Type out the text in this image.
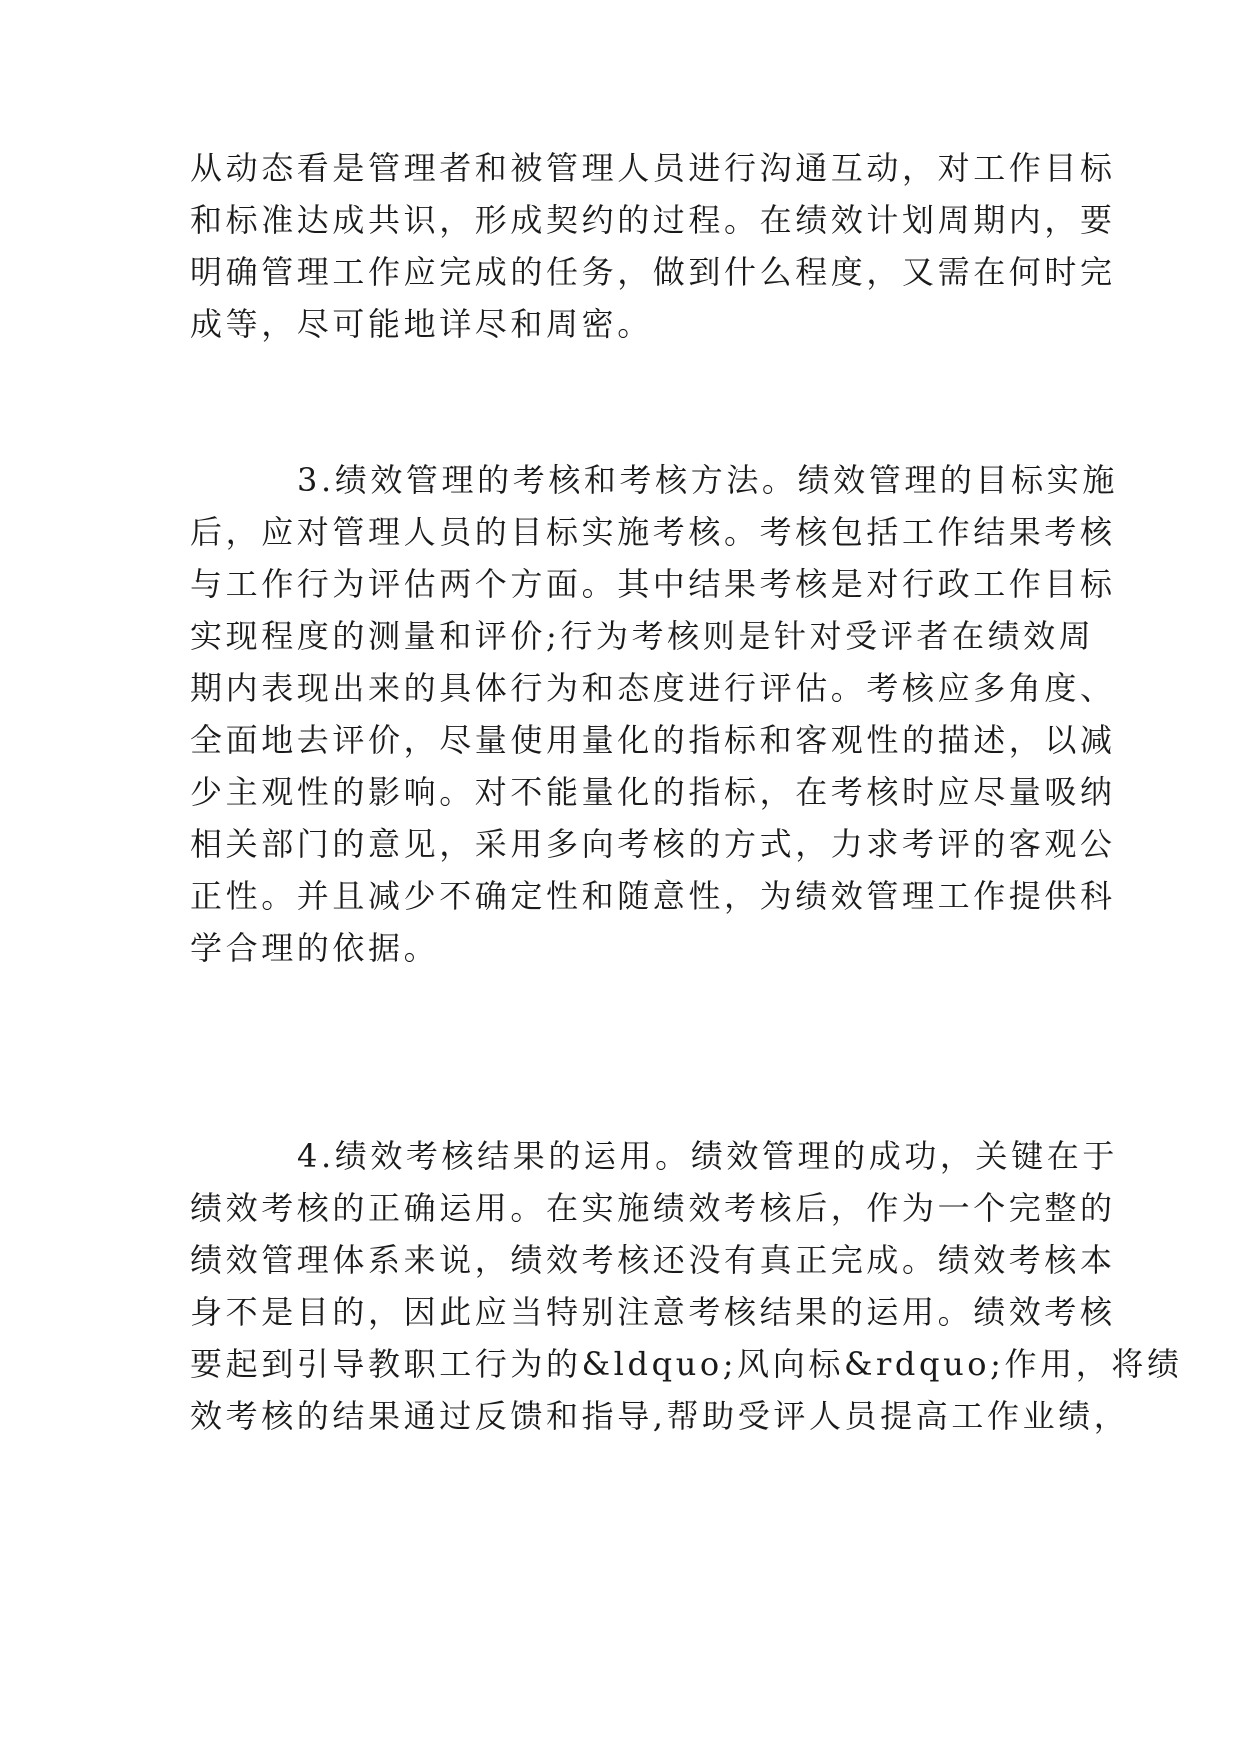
从动态看是管理者和被管理人员进行沟通互动，对工作目标
和标准达成共识，形成契约的过程。在绩效计划周期内，要
明确管理工作应完成的任务，做到什么程度，又需在何时完
成等，尽可能地详尽和周密。
3.绩效管理的考核和考核方法。绩效管理的目标实施
后，应对管理人员的目标实施考核。考核包括工作结果考核
与工作行为评估两个方面。其中结果考核是对行政工作目标
实现程度的测量和评价;行为考核则是针对受评者在绩效周
期内表现出来的具体行为和态度进行评估。考核应多角度、
全面地去评价，尽量使用量化的指标和客观性的描述，以减
少主观性的影响。对不能量化的指标，在考核时应尽量吸纳
相关部门的意见，采用多向考核的方式，力求考评的客观公
正性。并且减少不确定性和随意性，为绩效管理工作提供科
学合理的依据。
4.绩效考核结果的运用。绩效管理的成功，关键在于
绩效考核的正确运用。在实施绩效考核后，作为一个完整的
绩效管理体系来说，绩效考核还没有真正完成。绩效考核本
身不是目的，因此应当特别注意考核结果的运用。绩效考核
要起到引导教职工行为的&ldquo;风向标&rdquo;作用，将绩
效考核的结果通过反馈和指导,帮助受评人员提高工作业绩，
